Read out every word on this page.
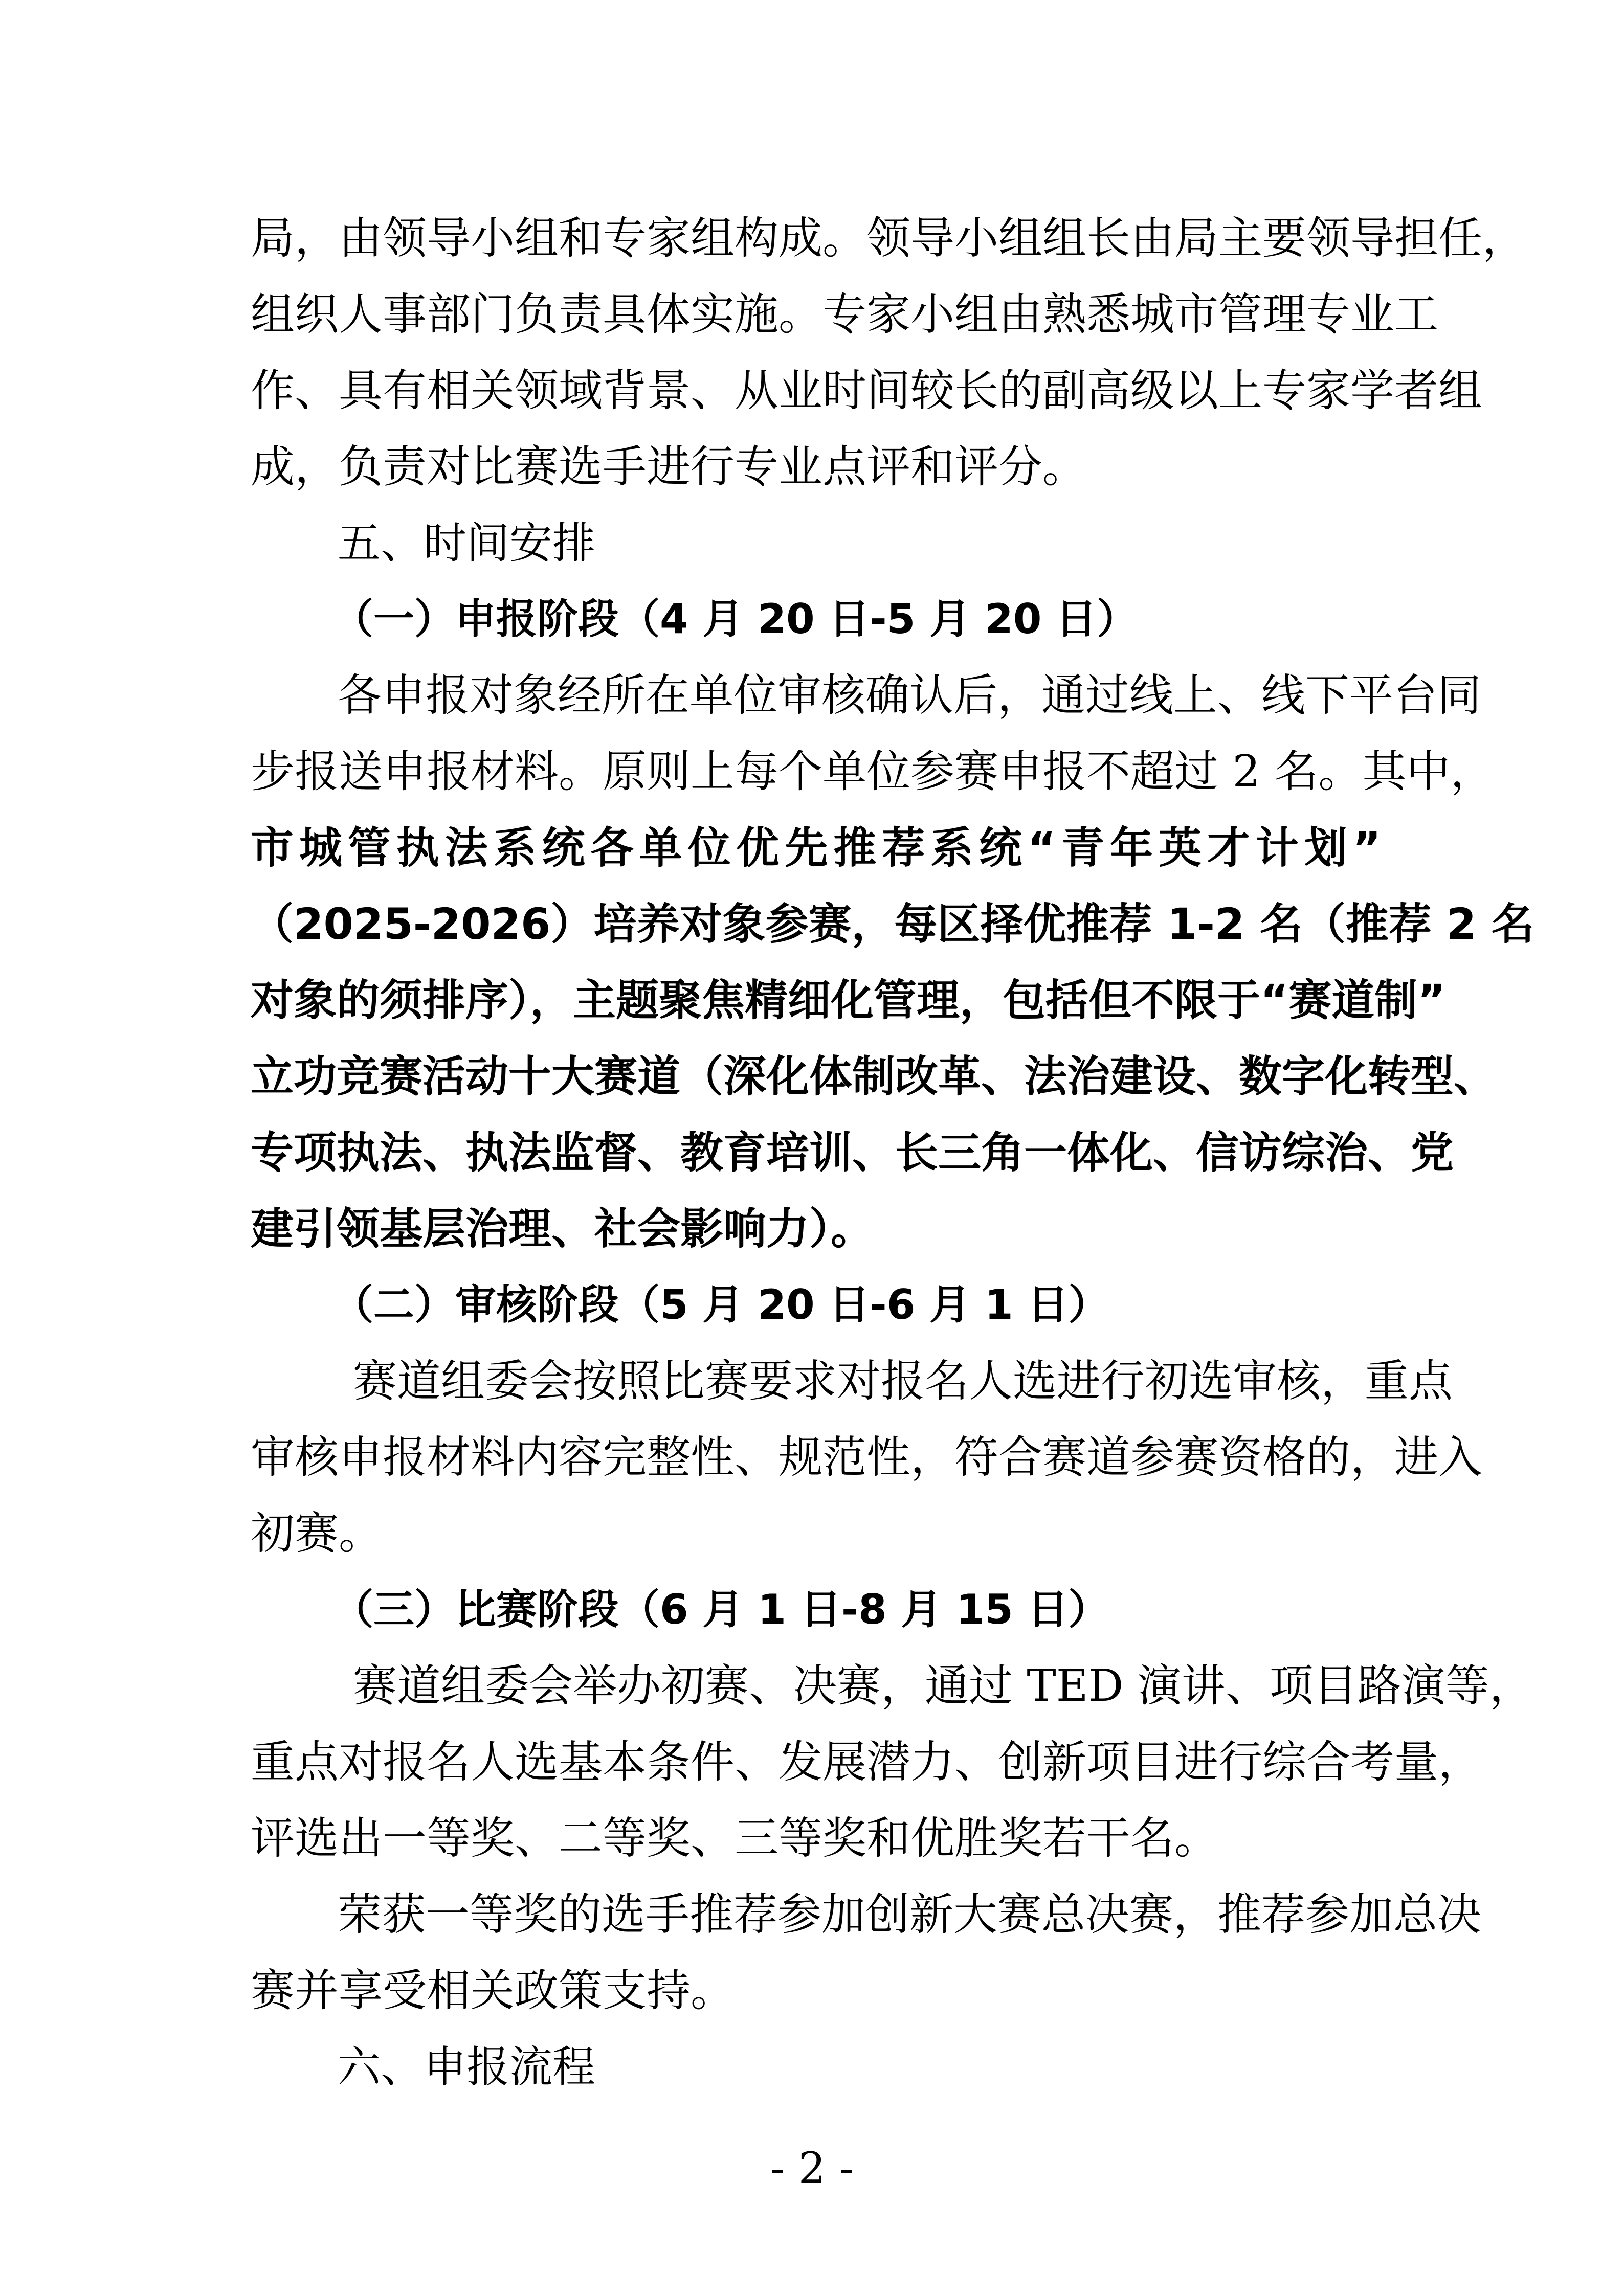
局，由领导小组和专家组构成。领导小组组长由局主要领导担任，
组织人事部门负责具体实施。专家小组由熟悉城市管理专业工
作、具有相关领域背景、从业时间较长的副高级以上专家学者组
成，负责对比赛选手进行专业点评和评分。
五、时间安排
（一）申报阶段（4 月 20 日-5 月 20 日）
各申报对象经所在单位审核确认后，通过线上、线下平台同
步报送申报材料。原则上每个单位参赛申报不超过 2 名。其中，
市城管执法系统各单位优先推荐系统“青年英才计划”
（2025-2026）培养对象参赛，每区择优推荐 1-2 名（推荐 2 名
对象的须排序），主题聚焦精细化管理，包括但不限于“赛道制”
立功竞赛活动十大赛道（深化体制改革、法治建设、数字化转型、
专项执法、执法监督、教育培训、长三角一体化、信访综治、党
建引领基层治理、社会影响力）。
（二）审核阶段（5 月 20 日-6 月 1 日）
赛道组委会按照比赛要求对报名人选进行初选审核，重点
审核申报材料内容完整性、规范性，符合赛道参赛资格的，进入
初赛。
（三）比赛阶段（6 月 1 日-8 月 15 日）
赛道组委会举办初赛、决赛，通过 TED 演讲、项目路演等，
重点对报名人选基本条件、发展潜力、创新项目进行综合考量，
评选出一等奖、二等奖、三等奖和优胜奖若干名。
荣获一等奖的选手推荐参加创新大赛总决赛，推荐参加总决
赛并享受相关政策支持。
六、申报流程
- 2 -
